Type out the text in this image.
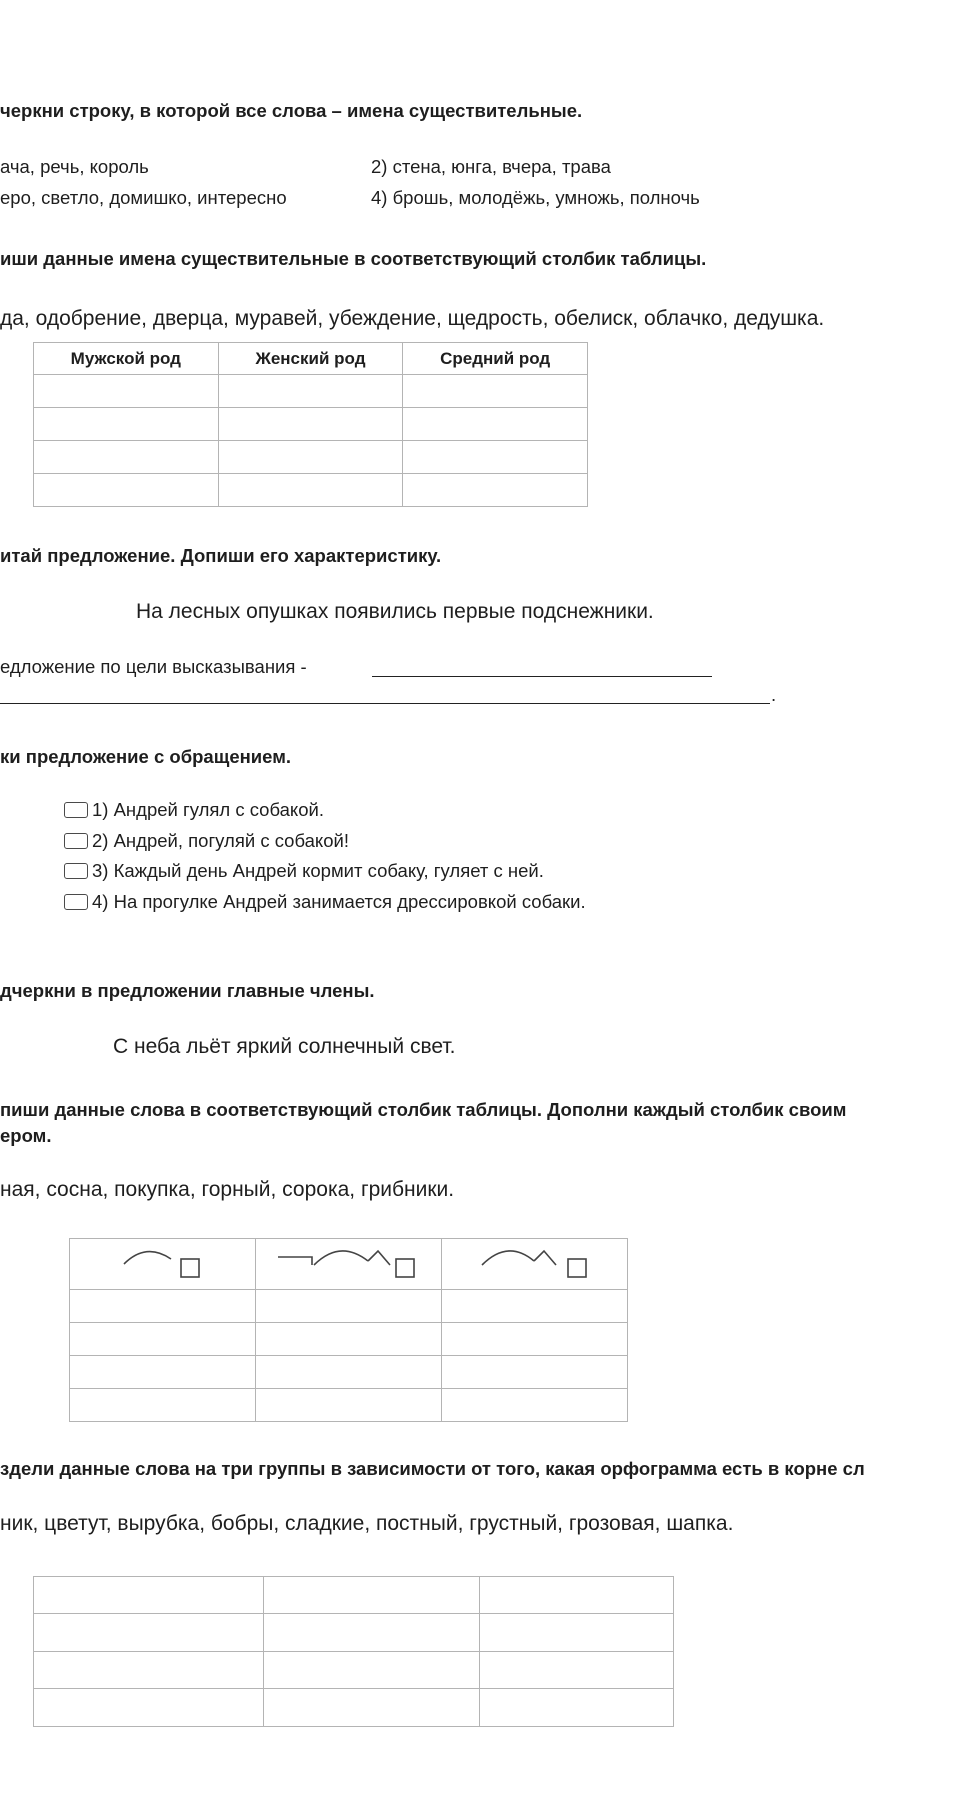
черкни строку, в которой все слова – имена существительные.
ача, речь, король	2) стена, юнга, вчера, трава
еро, светло, домишко, интересно	4) брошь, молодёжь, умножь, полночь
иши данные имена существительные в соответствующий столбик таблицы.
да, одобрение, дверца, муравей, убеждение, щедрость, обелиск, облачко, дедушка.
Мужской род	Женский род	Средний род

итай предложение. Допиши его характеристику.
На лесных опушках появились первые подснежники.
едложение по цели высказывания -
.
ки предложение с обращением.
1) Андрей гулял с собакой.
2) Андрей, погуляй с собакой!
3) Каждый день Андрей кормит собаку, гуляет с ней.
4) На прогулке Андрей занимается дрессировкой собаки.
дчеркни в предложении главные члены.
С неба льёт яркий солнечный свет.
пиши данные слова в соответствующий столбик таблицы. Дополни каждый столбик своим
ером.
ная, сосна, покупка, горный, сорока, грибники.

здели данные слова на три группы в зависимости от того, какая орфограмма есть в корне сл
ник, цветут, вырубка, бобры, сладкие, постный, грустный, грозовая, шапка.
